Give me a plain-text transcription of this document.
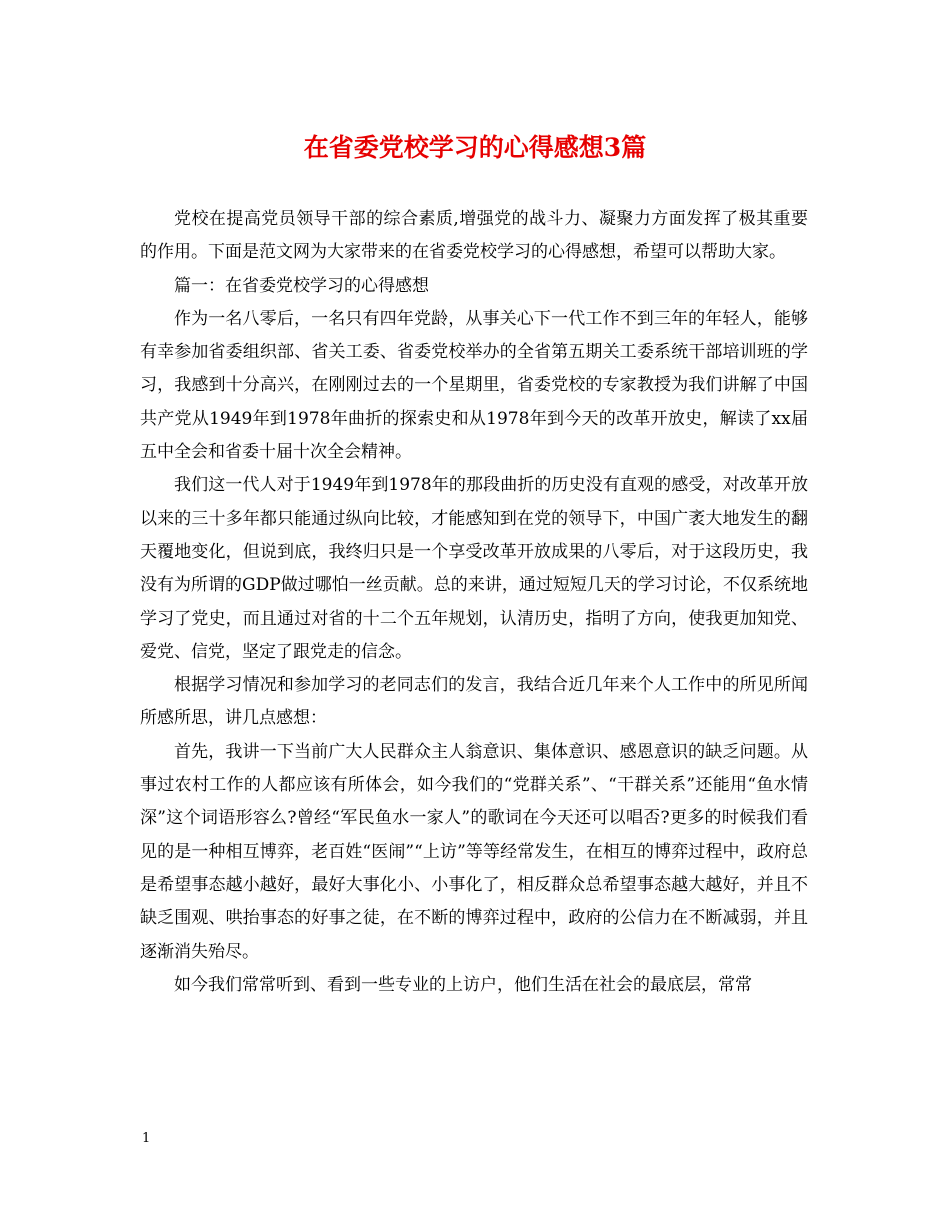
在省委党校学习的心得感想3篇

党校在提高党员领导干部的综合素质,增强党的战斗力、凝聚力方面发挥了极其重要的作用。下面是范文网为大家带来的在省委党校学习的心得感想，希望可以帮助大家。

篇一：在省委党校学习的心得感想

作为一名八零后，一名只有四年党龄，从事关心下一代工作不到三年的年轻人，能够有幸参加省委组织部、省关工委、省委党校举办的全省第五期关工委系统干部培训班的学习，我感到十分高兴，在刚刚过去的一个星期里，省委党校的专家教授为我们讲解了中国共产党从1949年到1978年曲折的探索史和从1978年到今天的改革开放史，解读了xx届五中全会和省委十届十次全会精神。

我们这一代人对于1949年到1978年的那段曲折的历史没有直观的感受，对改革开放以来的三十多年都只能通过纵向比较，才能感知到在党的领导下，中国广袤大地发生的翻天覆地变化，但说到底，我终归只是一个享受改革开放成果的八零后，对于这段历史，我没有为所谓的GDP做过哪怕一丝贡献。总的来讲，通过短短几天的学习讨论，不仅系统地学习了党史，而且通过对省的十二个五年规划，认清历史，指明了方向，使我更加知党、爱党、信党，坚定了跟党走的信念。

根据学习情况和参加学习的老同志们的发言，我结合近几年来个人工作中的所见所闻所感所思，讲几点感想：

首先，我讲一下当前广大人民群众主人翁意识、集体意识、感恩意识的缺乏问题。从事过农村工作的人都应该有所体会，如今我们的“党群关系”、“干群关系”还能用“鱼水情深”这个词语形容么?曾经“军民鱼水一家人”的歌词在今天还可以唱否?更多的时候我们看见的是一种相互博弈，老百姓“医闹”“上访”等等经常发生，在相互的博弈过程中，政府总是希望事态越小越好，最好大事化小、小事化了，相反群众总希望事态越大越好，并且不缺乏围观、哄抬事态的好事之徒，在不断的博弈过程中，政府的公信力在不断减弱，并且逐渐消失殆尽。

如今我们常常听到、看到一些专业的上访户，他们生活在社会的最底层，常常

1
